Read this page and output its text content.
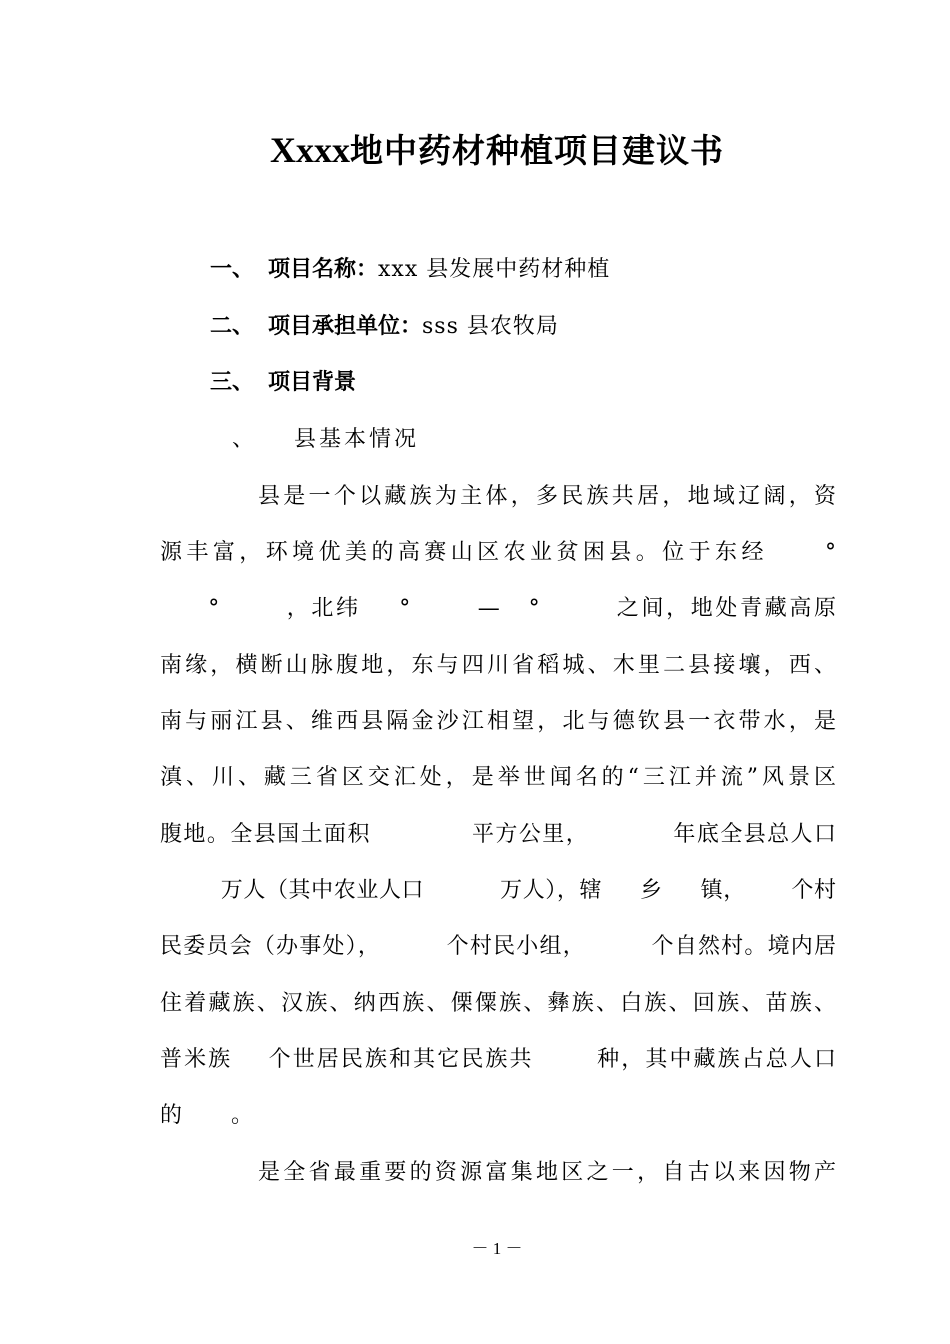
Xxxx地中药材种植项目建议书
一、 项目名称：xxx 县发展中药材种植
二、 项目承担单位：sss 县农牧局
三、 项目背景
、 县基本情况
县是一个以藏族为主体，多民族共居，地域辽阔，资
源丰富，环境优美的高赛山区农业贫困县。位于东经     °
°       ，北纬    °       —   °        之间，地处青藏高原
南缘，横断山脉腹地，东与四川省稻城、木里二县接壤，西、
南与丽江县、维西县隔金沙江相望，北与德钦县一衣带水，是
滇、川、藏三省区交汇处，是举世闻名的“三江并流”风景区
腹地。全县国土面积            平方公里，          年底全县总人口
万人（其中农业人口          万人），辖     乡     镇，      个村
民委员会（办事处），        个村民小组，        个自然村。境内居
住着藏族、汉族、纳西族、傈僳族、彝族、白族、回族、苗族、
普米族    个世居民族和其它民族共       种，其中藏族占总人口
的       。
是全省最重要的资源富集地区之一，自古以来因物产
－ 1 －
